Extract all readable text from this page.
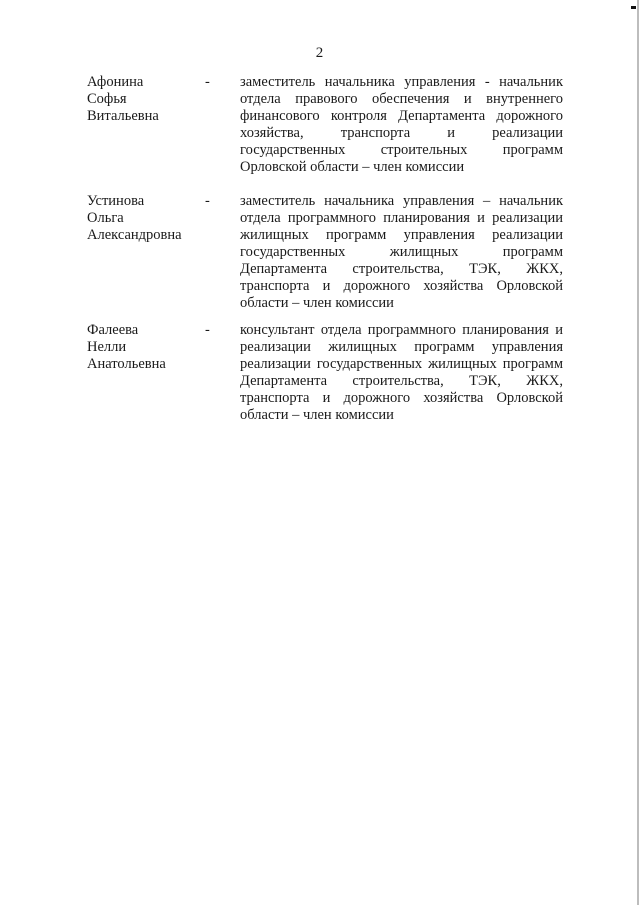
2
Афонина
Софья
Витальевна
-	заместитель начальника управления - начальник
отдела правового обеспечения и внутреннего
финансового контроля Департамента дорожного
хозяйства, транспорта и реализации
государственных строительных программ
Орловской области – член комиссии
Устинова
Ольга
Александровна
-	заместитель начальника управления – начальник
отдела программного планирования и реализации
жилищных программ управления реализации
государственных жилищных программ
Департамента строительства, ТЭК, ЖКХ,
транспорта и дорожного хозяйства Орловской
области – член комиссии
Фалеева
Нелли
Анатольевна
-	консультант отдела программного планирования и
реализации жилищных программ управления
реализации государственных жилищных программ
Департамента строительства, ТЭК, ЖКХ,
транспорта и дорожного хозяйства Орловской
области – член комиссии
